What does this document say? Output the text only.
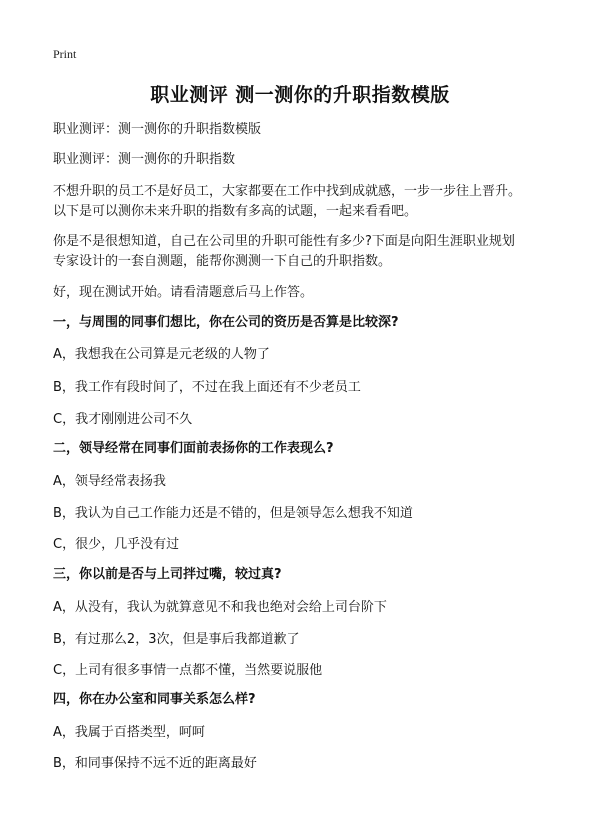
Print
职业测评 测一测你的升职指数模版
职业测评：测一测你的升职指数模版
职业测评：测一测你的升职指数
不想升职的员工不是好员工，大家都要在工作中找到成就感，一步一步往上晋升。
以下是可以测你未来升职的指数有多高的试题，一起来看看吧。
你是不是很想知道，自己在公司里的升职可能性有多少?下面是向阳生涯职业规划
专家设计的一套自测题，能帮你测测一下自己的升职指数。
好，现在测试开始。请看清题意后马上作答。
一，与周围的同事们想比，你在公司的资历是否算是比较深?
A，我想我在公司算是元老级的人物了
B，我工作有段时间了，不过在我上面还有不少老员工
C，我才刚刚进公司不久
二，领导经常在同事们面前表扬你的工作表现么?
A，领导经常表扬我
B，我认为自己工作能力还是不错的，但是领导怎么想我不知道
C，很少，几乎没有过
三，你以前是否与上司拌过嘴，较过真?
A，从没有，我认为就算意见不和我也绝对会给上司台阶下
B，有过那么2，3次，但是事后我都道歉了
C，上司有很多事情一点都不懂，当然要说服他
四，你在办公室和同事关系怎么样?
A，我属于百搭类型，呵呵
B，和同事保持不远不近的距离最好
